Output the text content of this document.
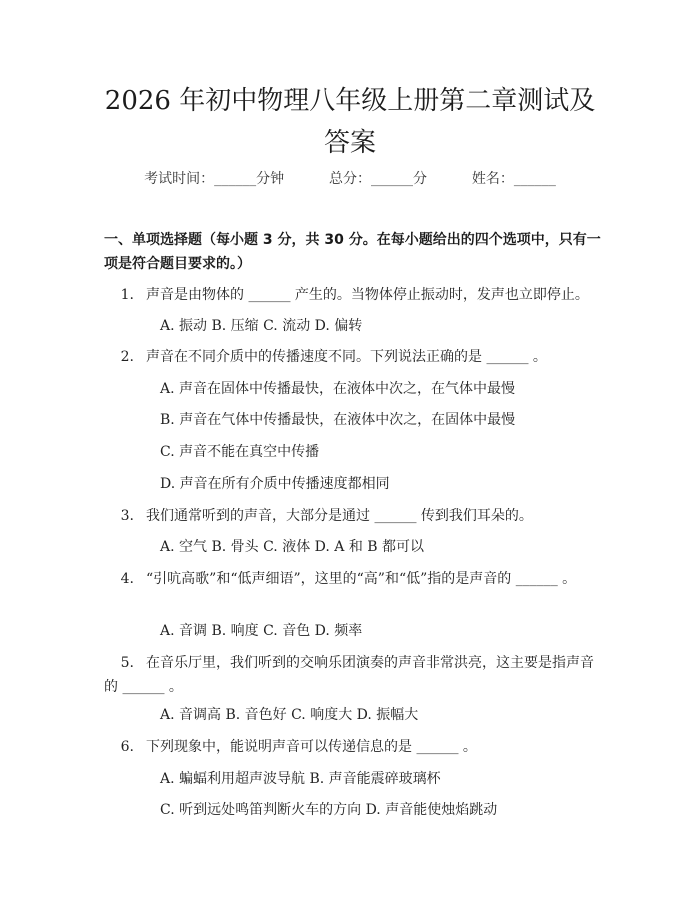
2026 年初中物理八年级上册第二章测试及答案
考试时间：______分钟	总分：______分	姓名：______
一、单项选择题（每小题 3 分，共 30 分。在每小题给出的四个选项中，只有一项是符合题目要求的。）
1. 声音是由物体的 ______ 产生的。当物体停止振动时，发声也立即停止。
A. 振动 B. 压缩 C. 流动 D. 偏转
2. 声音在不同介质中的传播速度不同。下列说法正确的是 ______ 。
A. 声音在固体中传播最快，在液体中次之，在气体中最慢
B. 声音在气体中传播最快，在液体中次之，在固体中最慢
C. 声音不能在真空中传播
D. 声音在所有介质中传播速度都相同
3. 我们通常听到的声音，大部分是通过 ______ 传到我们耳朵的。
A. 空气 B. 骨头 C. 液体 D. A 和 B 都可以
4. “引吭高歌”和“低声细语”，这里的“高”和“低”指的是声音的 ______ 。
A. 音调 B. 响度 C. 音色 D. 频率
5. 在音乐厅里，我们听到的交响乐团演奏的声音非常洪亮，这主要是指声音的 ______ 。
A. 音调高 B. 音色好 C. 响度大 D. 振幅大
6. 下列现象中，能说明声音可以传递信息的是 ______ 。
A. 蝙蝠利用超声波导航 B. 声音能震碎玻璃杯
C. 听到远处鸣笛判断火车的方向 D. 声音能使烛焰跳动
